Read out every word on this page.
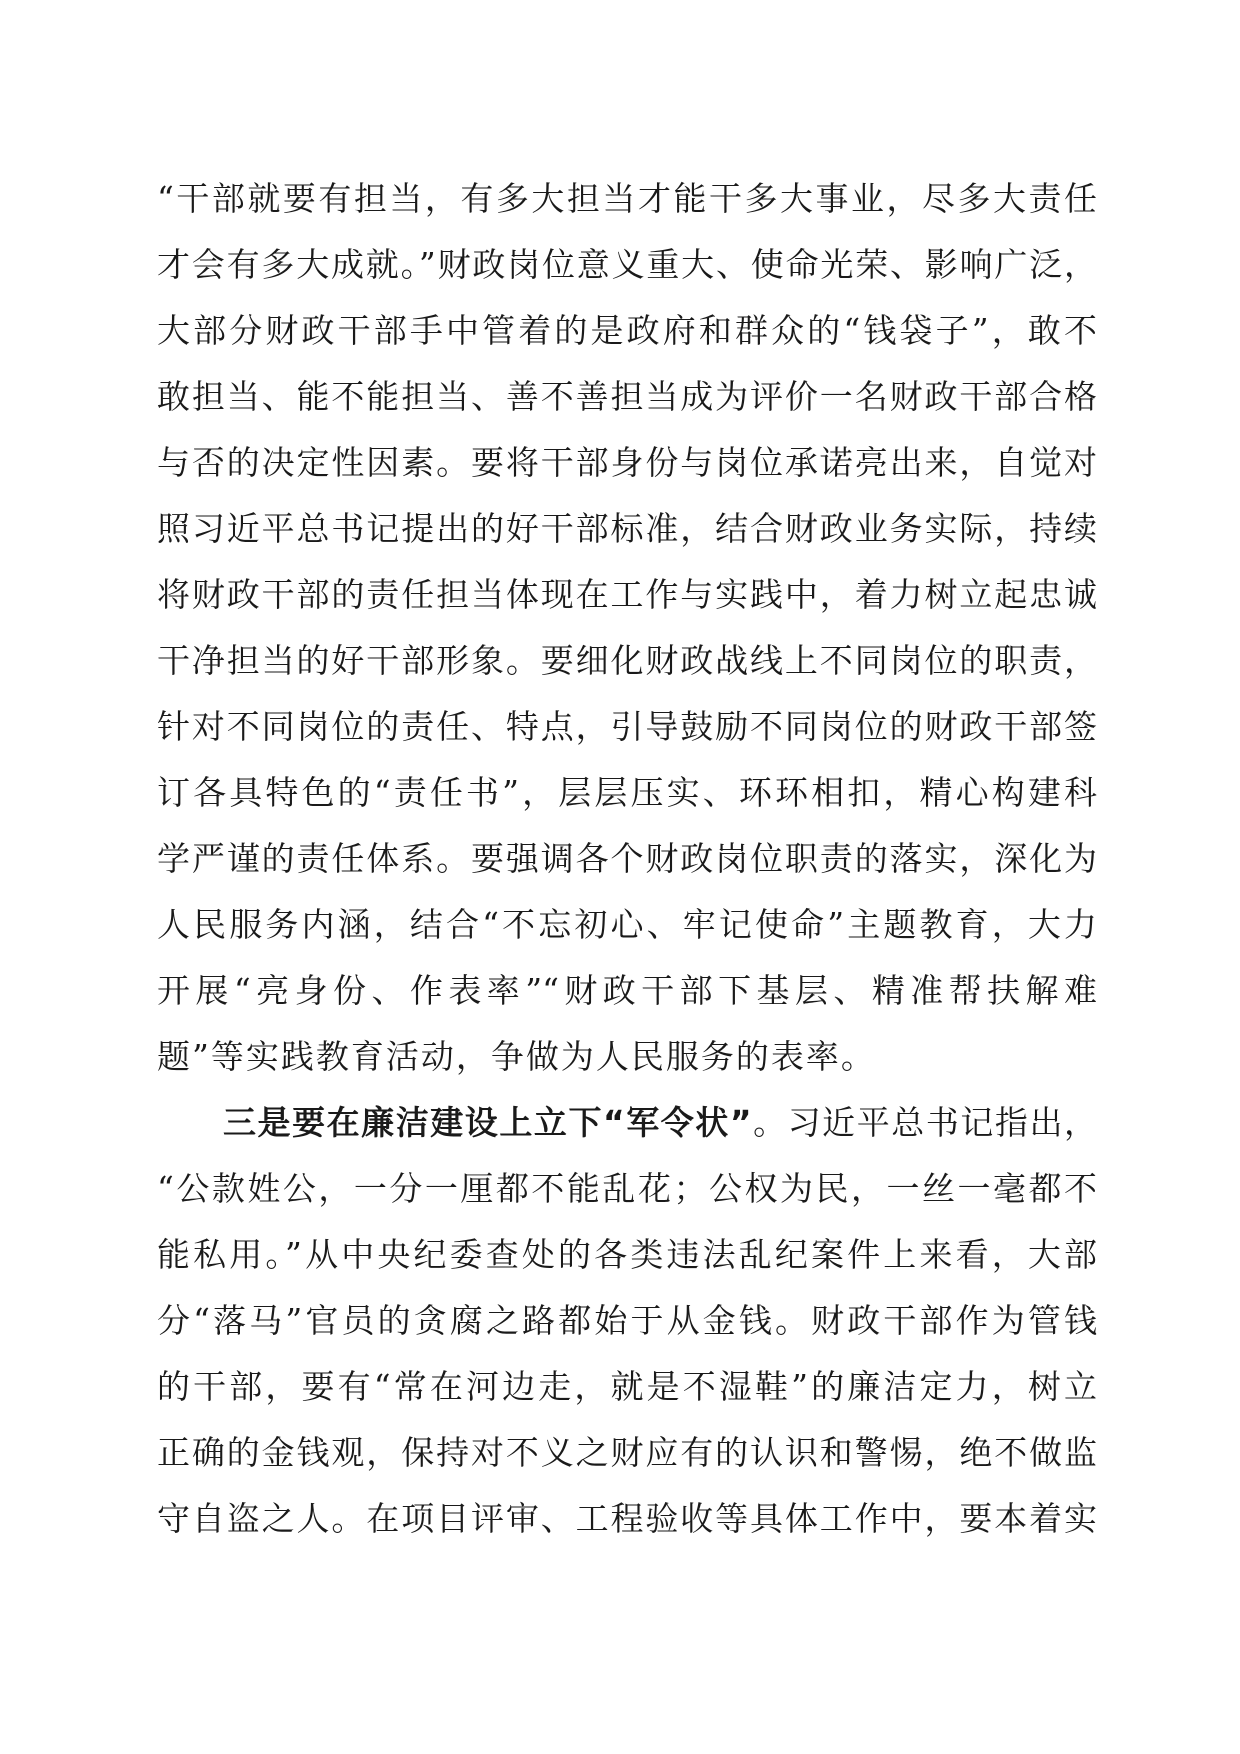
“干部就要有担当，有多大担当才能干多大事业，尽多大责任
才会有多大成就。”财政岗位意义重大、使命光荣、影响广泛，
大部分财政干部手中管着的是政府和群众的“钱袋子”，敢不
敢担当、能不能担当、善不善担当成为评价一名财政干部合格
与否的决定性因素。要将干部身份与岗位承诺亮出来，自觉对
照习近平总书记提出的好干部标准，结合财政业务实际，持续
将财政干部的责任担当体现在工作与实践中，着力树立起忠诚
干净担当的好干部形象。要细化财政战线上不同岗位的职责，
针对不同岗位的责任、特点，引导鼓励不同岗位的财政干部签
订各具特色的“责任书”，层层压实、环环相扣，精心构建科
学严谨的责任体系。要强调各个财政岗位职责的落实，深化为
人民服务内涵，结合“不忘初心、牢记使命”主题教育，大力
开展“亮身份、作表率”“财政干部下基层、精准帮扶解难
题”等实践教育活动，争做为人民服务的表率。
三是要在廉洁建设上立下“军令状”。习近平总书记指出，
“公款姓公，一分一厘都不能乱花；公权为民，一丝一毫都不
能私用。”从中央纪委查处的各类违法乱纪案件上来看，大部
分“落马”官员的贪腐之路都始于从金钱。财政干部作为管钱
的干部，要有“常在河边走，就是不湿鞋”的廉洁定力，树立
正确的金钱观，保持对不义之财应有的认识和警惕，绝不做监
守自盗之人。在项目评审、工程验收等具体工作中，要本着实
